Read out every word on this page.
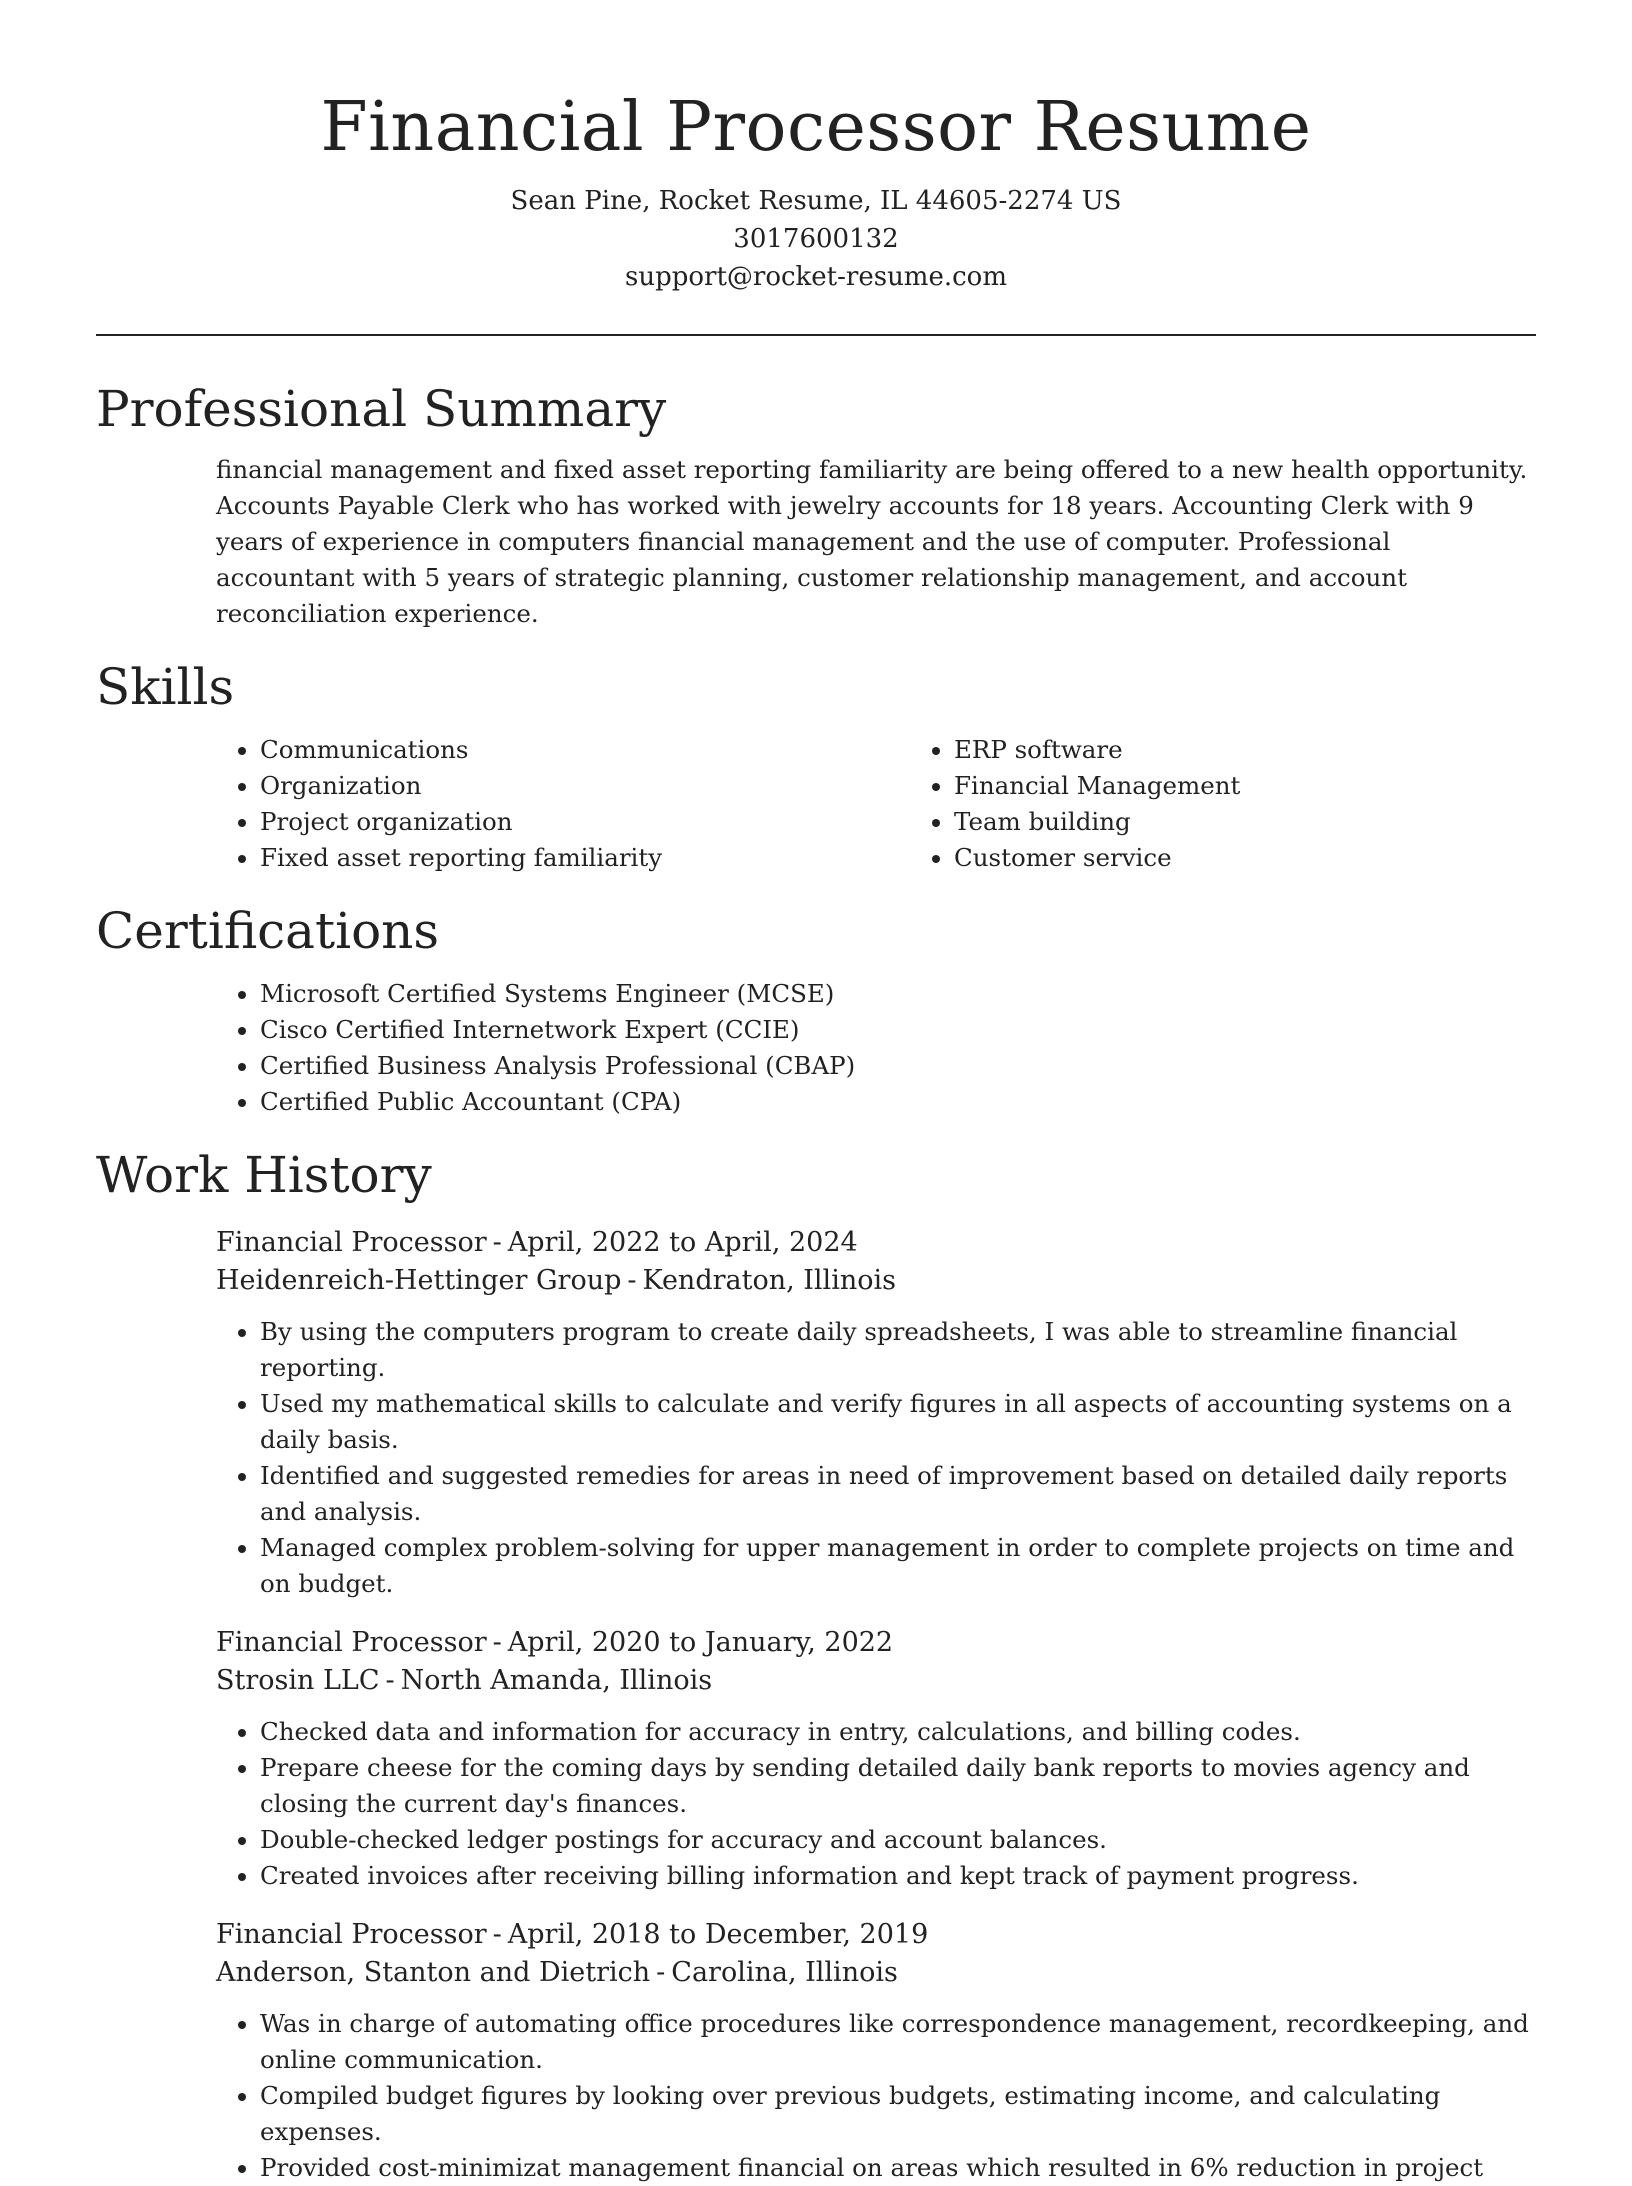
Financial Processor Resume
Sean Pine, Rocket Resume, IL 44605-2274 US
3017600132
support@rocket-resume.com
Professional Summary

financial management and fixed asset reporting familiarity are being offered to a new health opportunity. Accounts Payable Clerk who has worked with jewelry accounts for 18 years. Accounting Clerk with 9 years of experience in computers financial management and the use of computer. Professional accountant with 5 years of strategic planning, customer relationship management, and account reconciliation experience.

Skills
• Communications
• Organization
• Project organization
• Fixed asset reporting familiarity
• ERP software
• Financial Management
• Team building
• Customer service
Certifications
• Microsoft Certified Systems Engineer (MCSE)
• Cisco Certified Internetwork Expert (CCIE)
• Certified Business Analysis Professional (CBAP)
• Certified Public Accountant (CPA)
Work History
Financial Processor - April, 2022 to April, 2024
Heidenreich-Hettinger Group - Kendraton, Illinois
• By using the computers program to create daily spreadsheets, I was able to streamline financial reporting.
• Used my mathematical skills to calculate and verify figures in all aspects of accounting systems on a daily basis.
• Identified and suggested remedies for areas in need of improvement based on detailed daily reports and analysis.
• Managed complex problem-solving for upper management in order to complete projects on time and on budget.
Financial Processor - April, 2020 to January, 2022
Strosin LLC - North Amanda, Illinois
• Checked data and information for accuracy in entry, calculations, and billing codes.
• Prepare cheese for the coming days by sending detailed daily bank reports to movies agency and closing the current day's finances.
• Double-checked ledger postings for accuracy and account balances.
• Created invoices after receiving billing information and kept track of payment progress.
Financial Processor - April, 2018 to December, 2019
Anderson, Stanton and Dietrich - Carolina, Illinois
• Was in charge of automating office procedures like correspondence management, recordkeeping, and online communication.
• Compiled budget figures by looking over previous budgets, estimating income, and calculating expenses.
• Provided cost-minimizat management financial on areas which resulted in 6% reduction in project
